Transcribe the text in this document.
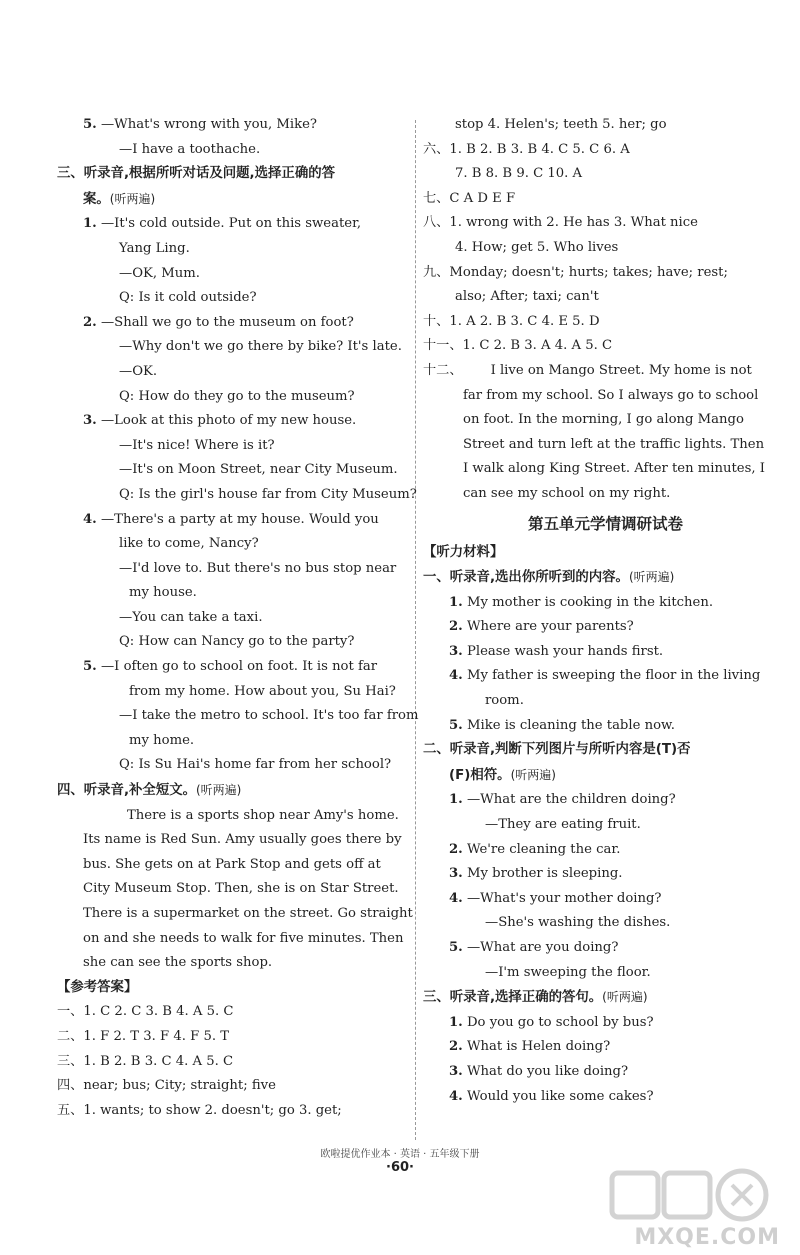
5. —What's wrong with you, Mike?
—I have a toothache.
三、听录音,根据所听对话及问题,选择正确的答
案。(听两遍)
1. —It's cold outside. Put on this sweater,
Yang Ling.
—OK, Mum.
Q: Is it cold outside?
2. —Shall we go to the museum on foot?
—Why don't we go there by bike? It's late.
—OK.
Q: How do they go to the museum?
3. —Look at this photo of my new house.
—It's nice! Where is it?
—It's on Moon Street, near City Museum.
Q: Is the girl's house far from City Museum?
4. —There's a party at my house. Would you
like to come, Nancy?
—I'd love to. But there's no bus stop near
my house.
—You can take a taxi.
Q: How can Nancy go to the party?
5. —I often go to school on foot. It is not far
from my home. How about you, Su Hai?
—I take the metro to school. It's too far from
my home.
Q: Is Su Hai's home far from her school?
四、听录音,补全短文。(听两遍)
There is a sports shop near Amy's home.
Its name is Red Sun. Amy usually goes there by
bus. She gets on at Park Stop and gets off at
City Museum Stop. Then, she is on Star Street.
There is a supermarket on the street. Go straight
on and she needs to walk for five minutes. Then
she can see the sports shop.
【参考答案】
一、1. C 2. C 3. B 4. A 5. C
二、1. F 2. T 3. F 4. F 5. T
三、1. B 2. B 3. C 4. A 5. C
四、near; bus; City; straight; five
五、1. wants; to show 2. doesn't; go 3. get;
stop 4. Helen's; teeth 5. her; go
六、1. B 2. B 3. B 4. C 5. C 6. A
7. B 8. B 9. C 10. A
七、C A D E F
八、1. wrong with 2. He has 3. What nice
4. How; get 5. Who lives
九、Monday; doesn't; hurts; takes; have; rest;
also; After; taxi; can't
十、1. A 2. B 3. C 4. E 5. D
十一、1. C 2. B 3. A 4. A 5. C
十二、 I live on Mango Street. My home is not
far from my school. So I always go to school
on foot. In the morning, I go along Mango
Street and turn left at the traffic lights. Then
I walk along King Street. After ten minutes, I
can see my school on my right.
第五单元学情调研试卷
【听力材料】
一、听录音,选出你所听到的内容。(听两遍)
1. My mother is cooking in the kitchen.
2. Where are your parents?
3. Please wash your hands first.
4. My father is sweeping the floor in the living
room.
5. Mike is cleaning the table now.
二、听录音,判断下列图片与所听内容是(T)否
(F)相符。(听两遍)
1. —What are the children doing?
—They are eating fruit.
2. We're cleaning the car.
3. My brother is sleeping.
4. —What's your mother doing?
—She's washing the dishes.
5. —What are you doing?
—I'm sweeping the floor.
三、听录音,选择正确的答句。(听两遍)
1. Do you go to school by bus?
2. What is Helen doing?
3. What do you like doing?
4. Would you like some cakes?
欧啦提优作业本 · 英语 · 五年级下册
·60·
MXQE.COM
